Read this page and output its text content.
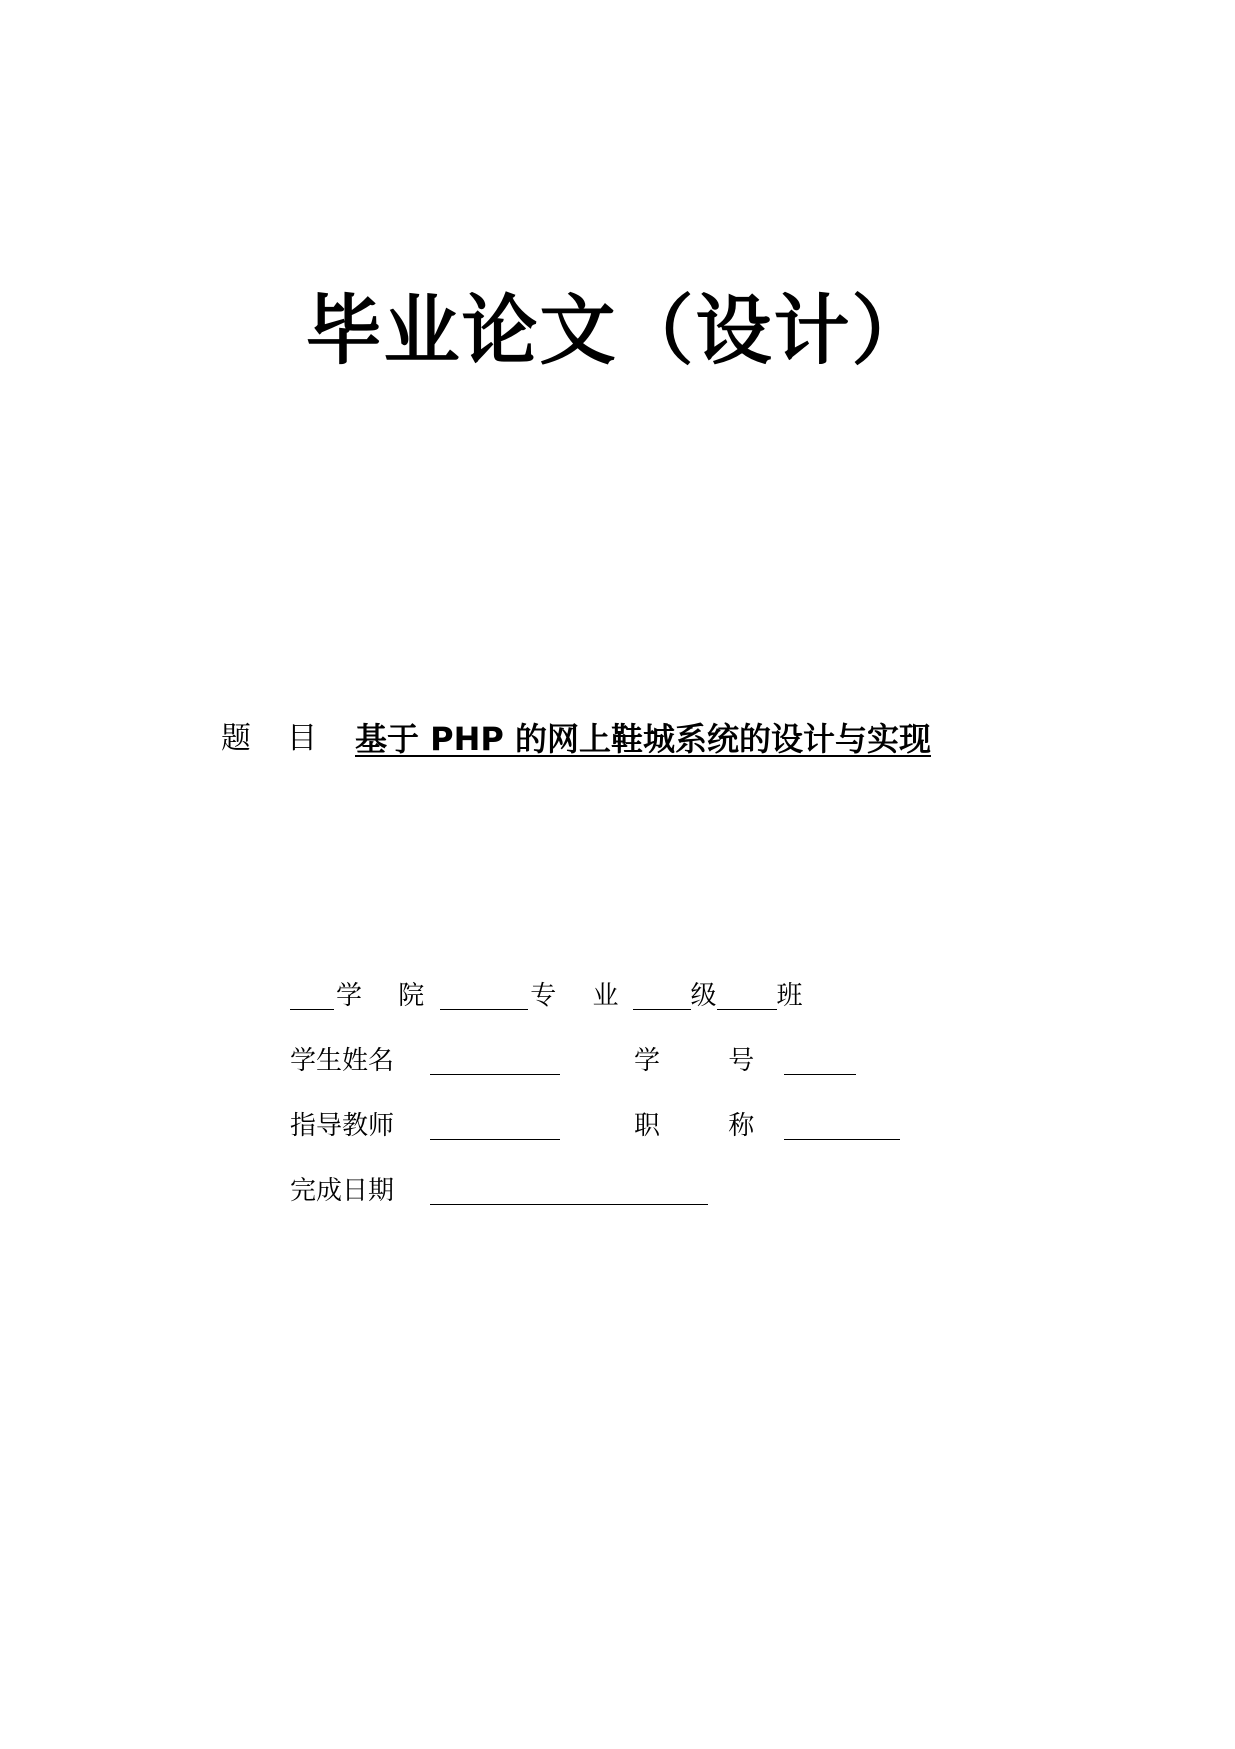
毕业论文（设计）
题目 基于 PHP 的网上鞋城系统的设计与实现
学 院	专 业 级 班
学生姓名	学 号
指导教师	职 称
完成日期
